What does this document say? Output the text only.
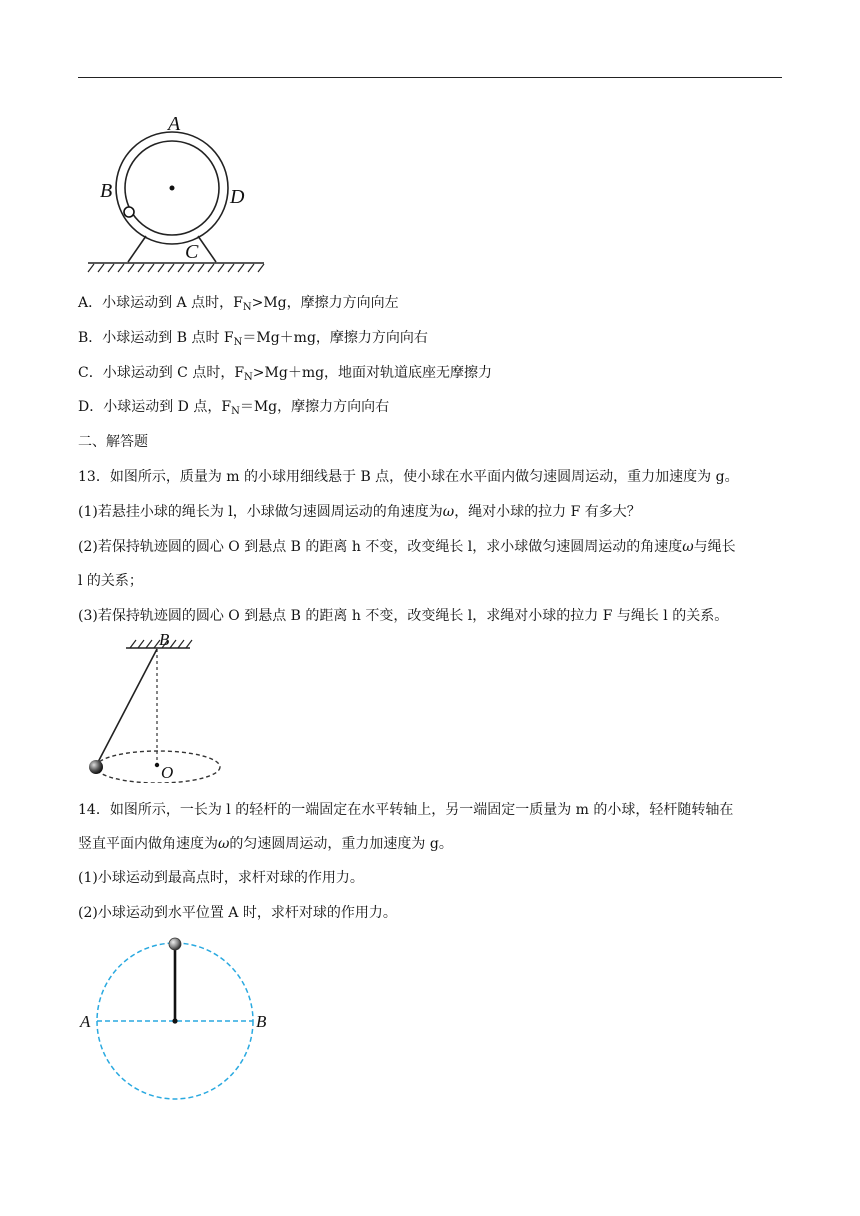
A
B	D
C
A．小球运动到 A 点时，$F_N>Mg$，摩擦力方向向左
B．小球运动到 B 点时 $F_N=Mg+mg$，摩擦力方向向右
C．小球运动到 C 点时，$F_N>Mg+mg$，地面对轨道底座无摩擦力
D．小球运动到 D 点，$F_N=Mg$，摩擦力方向向右
二、解答题
13．如图所示，质量为 m 的小球用细线悬于 B 点，使小球在水平面内做匀速圆周运动，重力加速度为 g。
(1)若悬挂小球的绳长为 l，小球做匀速圆周运动的角速度为ω，绳对小球的拉力 F 有多大？
(2)若保持轨迹圆的圆心 O 到悬点 B 的距离 h 不变，改变绳长 l，求小球做匀速圆周运动的角速度ω与绳长
l 的关系；
(3)若保持轨迹圆的圆心 O 到悬点 B 的距离 h 不变，改变绳长 l，求绳对小球的拉力 F 与绳长 l 的关系。
B
O
14．如图所示，一长为 l 的轻杆的一端固定在水平转轴上，另一端固定一质量为 m 的小球，轻杆随转轴在
竖直平面内做角速度为ω的匀速圆周运动，重力加速度为 g。
(1)小球运动到最高点时，求杆对球的作用力。
(2)小球运动到水平位置 A 时，求杆对球的作用力。
A	B
